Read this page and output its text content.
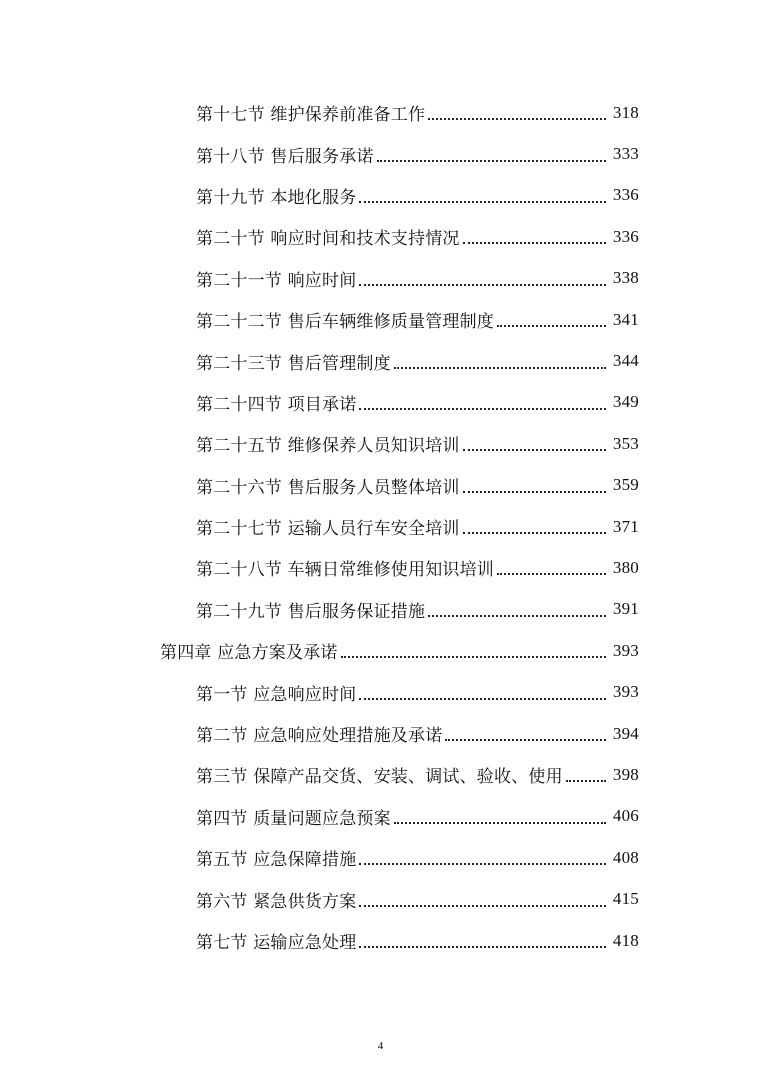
第十七节 维护保养前准备工作	318
第十八节 售后服务承诺	333
第十九节 本地化服务	336
第二十节 响应时间和技术支持情况	336
第二十一节 响应时间	338
第二十二节 售后车辆维修质量管理制度	341
第二十三节 售后管理制度	344
第二十四节 项目承诺	349
第二十五节 维修保养人员知识培训	353
第二十六节 售后服务人员整体培训	359
第二十七节 运输人员行车安全培训	371
第二十八节 车辆日常维修使用知识培训	380
第二十九节 售后服务保证措施	391
第四章 应急方案及承诺	393
第一节 应急响应时间	393
第二节 应急响应处理措施及承诺	394
第三节 保障产品交货、安装、调试、验收、使用	398
第四节 质量问题应急预案	406
第五节 应急保障措施	408
第六节 紧急供货方案	415
第七节 运输应急处理	418
4
